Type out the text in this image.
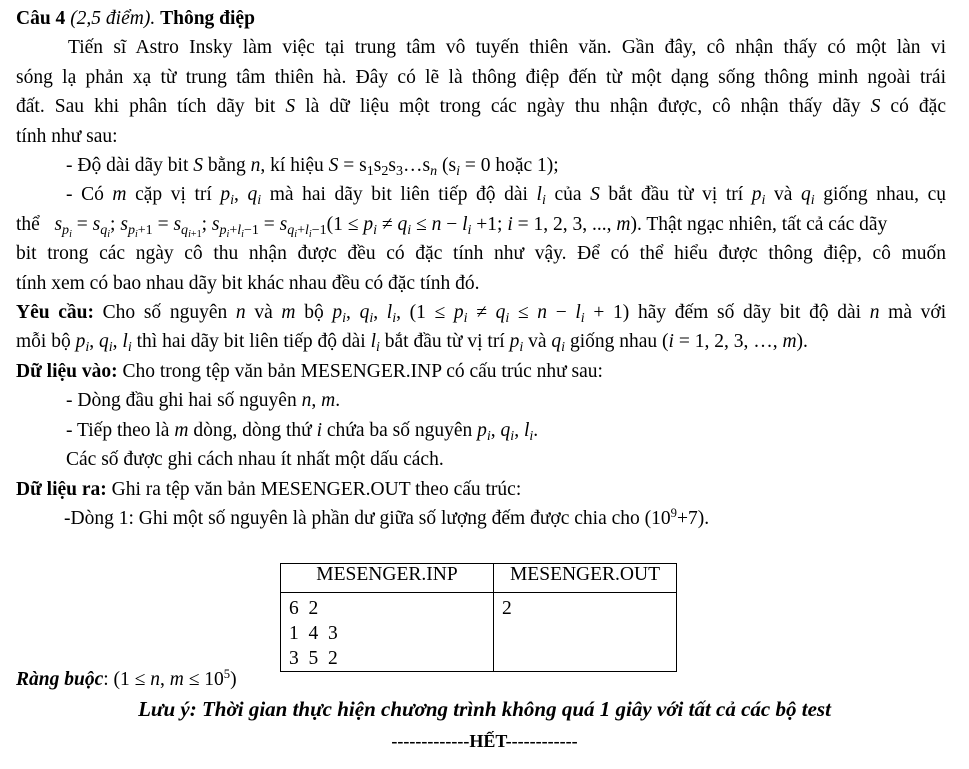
Câu 4 (2,5 điểm). Thông điệp
Tiến sĩ Astro Insky làm việc tại trung tâm vô tuyến thiên văn. Gần đây, cô nhận thấy có một làn vi
sóng lạ phản xạ từ trung tâm thiên hà. Đây có lẽ là thông điệp đến từ một dạng sống thông minh ngoài trái
đất. Sau khi phân tích dãy bit S là dữ liệu một trong các ngày thu nhận được, cô nhận thấy dãy S có đặc
tính như sau:
- Độ dài dãy bit S bằng n, kí hiệu $S = s_1s_2s_3\dots s_n$ ($s_i = 0$ hoặc 1);
- Có m cặp vị trí $p_i$, $q_i$ mà hai dãy bit liên tiếp độ dài $l_i$ của S bắt đầu từ vị trí $p_i$ và $q_i$ giống nhau, cụ
thể $s_{p_i} = s_{q_i}$; $s_{p_i+1} = s_{q_{i+1}}$; $s_{p_i+l_i-1} = s_{q_i+l_i-1}(1 \le p_i \ne q_i \le n - l_i +1$; i = 1, 2, 3, ..., m). Thật ngạc nhiên, tất cả các dãy
bit trong các ngày cô thu nhận được đều có đặc tính như vậy. Để có thể hiểu được thông điệp, cô muốn
tính xem có bao nhau dãy bit khác nhau đều có đặc tính đó.
Yêu cầu: Cho số nguyên n và m bộ $p_i$, $q_i$, $l_i$, $(1 \le p_i \ne q_i \le n - l_i + 1)$ hãy đếm số dãy bit độ dài n mà với
mỗi bộ $p_i$, $q_i$, $l_i$ thì hai dãy bit liên tiếp độ dài $l_i$ bắt đầu từ vị trí $p_i$ và $q_i$ giống nhau (i = 1, 2, 3, …, m).
Dữ liệu vào: Cho trong tệp văn bản MESENGER.INP có cấu trúc như sau:
- Dòng đầu ghi hai số nguyên n, m.
- Tiếp theo là m dòng, dòng thứ i chứa ba số nguyên $p_i$, $q_i$, $l_i$.
Các số được ghi cách nhau ít nhất một dấu cách.
Dữ liệu ra: Ghi ra tệp văn bản MESENGER.OUT theo cấu trúc:
-Dòng 1: Ghi một số nguyên là phần dư giữa số lượng đếm được chia cho $(10^9+7)$.
MESENGER.INP	MESENGER.OUT

6  2
1  4  3
3  5  2	2
Ràng buộc: (1 ≤ n, $m \le 10^5$)
Lưu ý: Thời gian thực hiện chương trình không quá 1 giây với tất cả các bộ test
-------------HẾT------------
